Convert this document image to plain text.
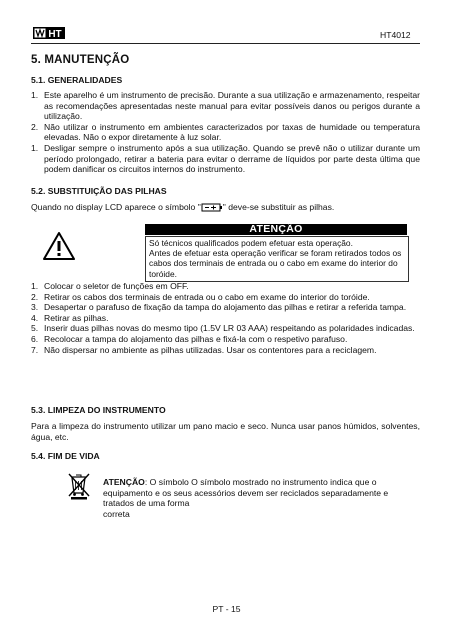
HT	HT4012
5. MANUTENÇÃO
5.1. GENERALIDADES
1. Este aparelho é um instrumento de precisão. Durante a sua utilização e armazenamento, respeitar as recomendações apresentadas neste manual para evitar possíveis danos ou perigos durante a utilização.
2. Não utilizar o instrumento em ambientes caracterizados por taxas de humidade ou temperatura elevadas. Não o expor diretamente à luz solar.
1. Desligar sempre o instrumento após a sua utilização. Quando se prevê não o utilizar durante um período prolongado, retirar a bateria para evitar o derrame de líquidos por parte desta última que podem danificar os circuitos internos do instrumento.
5.2. SUBSTITUIÇÃO DAS PILHAS
Quando no display LCD aparece o símbolo "	" deve-se substituir as pilhas.
ATENÇÃO
Só técnicos qualificados podem efetuar esta operação.
Antes de efetuar esta operação verificar se foram retirados todos os cabos dos terminais de entrada ou o cabo em exame do interior do toróide.
1. Colocar o seletor de funções em OFF.
2. Retirar os cabos dos terminais de entrada ou o cabo em exame do interior do toróide.
3. Desapertar o parafuso de fixação da tampa do alojamento das pilhas e retirar a referida tampa.
4. Retirar as pilhas.
5. Inserir duas pilhas novas do mesmo tipo (1.5V LR 03 AAA) respeitando as polaridades indicadas.
6. Recolocar a tampa do alojamento das pilhas e fixá-la com o respetivo parafuso.
7. Não dispersar no ambiente as pilhas utilizadas. Usar os contentores para a reciclagem.
5.3. LIMPEZA DO INSTRUMENTO
Para a limpeza do instrumento utilizar um pano macio e seco. Nunca usar panos húmidos, solventes, água, etc.
5.4. FIM DE VIDA
ATENÇÃO: O símbolo O símbolo mostrado no instrumento indica que o equipamento e os seus acessórios devem ser reciclados separadamente e tratados de uma forma
correta
PT - 15
